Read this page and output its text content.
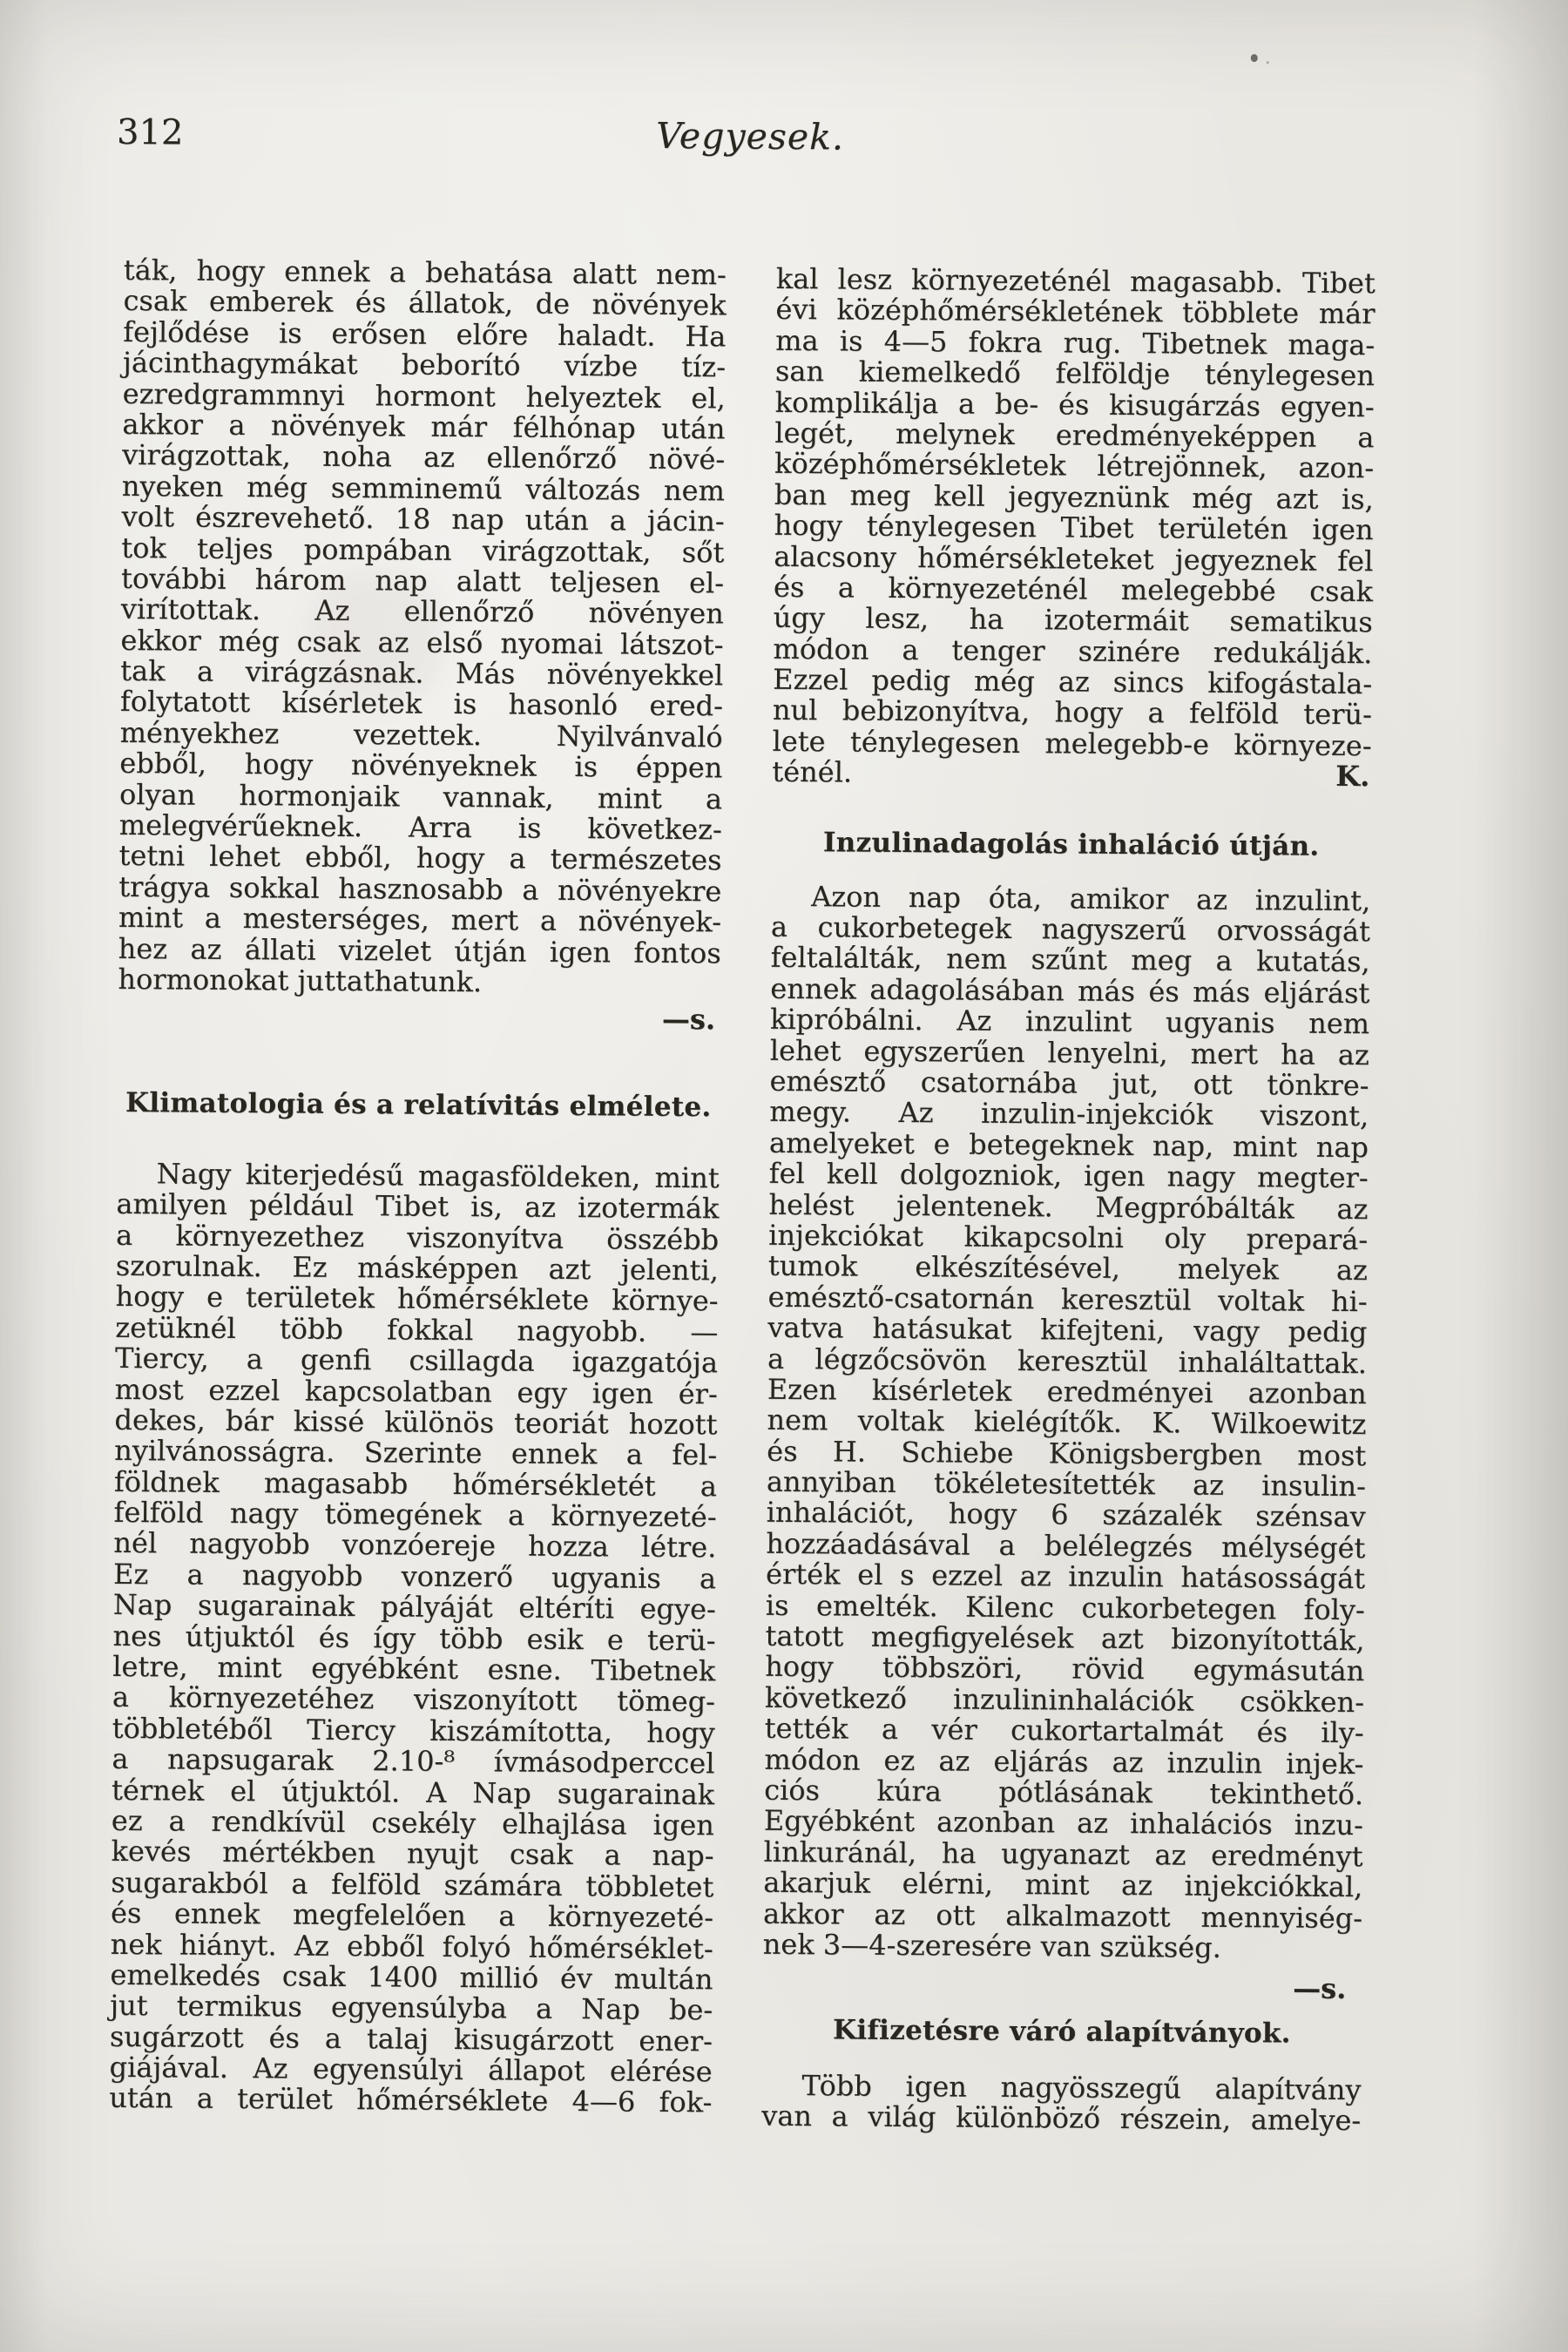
312	Vegyesek.
ták, hogy ennek a behatása alatt nem-
csak emberek és állatok, de növények
fejlődése is erősen előre haladt. Ha
jácinthagymákat beborító vízbe tíz-
ezredgrammnyi hormont helyeztek el,
akkor a növények már félhónap után
virágzottak, noha az ellenőrző növé-
nyeken még semminemű változás nem
volt észrevehető. 18 nap után a jácin-
tok teljes pompában virágzottak, sőt
további három nap alatt teljesen el-
virítottak. Az ellenőrző növényen
ekkor még csak az első nyomai látszot-
tak a virágzásnak. Más növényekkel
folytatott kísérletek is hasonló ered-
ményekhez vezettek. Nyilvánvaló
ebből, hogy növényeknek is éppen
olyan hormonjaik vannak, mint a
melegvérűeknek. Arra is következ-
tetni lehet ebből, hogy a természetes
trágya sokkal hasznosabb a növényekre
mint a mesterséges, mert a növények-
hez az állati vizelet útján igen fontos
hormonokat juttathatunk.
—s.
Klimatologia és a relatívitás elmélete.
Nagy kiterjedésű magasföldeken, mint
amilyen például Tibet is, az izotermák
a környezethez viszonyítva összébb
szorulnak. Ez másképpen azt jelenti,
hogy e területek hőmérséklete környe-
zetüknél több fokkal nagyobb. —
Tiercy, a genfi csillagda igazgatója
most ezzel kapcsolatban egy igen ér-
dekes, bár kissé különös teoriát hozott
nyilvánosságra. Szerinte ennek a fel-
földnek magasabb hőmérsékletét a
felföld nagy tömegének a környezeté-
nél nagyobb vonzóereje hozza létre.
Ez a nagyobb vonzerő ugyanis a
Nap sugarainak pályáját eltéríti egye-
nes útjuktól és így több esik e terü-
letre, mint egyébként esne. Tibetnek
a környezetéhez viszonyított tömeg-
többletéből Tiercy kiszámította, hogy
a napsugarak 2.10-⁸ ívmásodperccel
térnek el útjuktól. A Nap sugarainak
ez a rendkívül csekély elhajlása igen
kevés mértékben nyujt csak a nap-
sugarakból a felföld számára többletet
és ennek megfelelően a környezeté-
nek hiányt. Az ebből folyó hőmérséklet-
emelkedés csak 1400 millió év multán
jut termikus egyensúlyba a Nap be-
sugárzott és a talaj kisugárzott ener-
giájával. Az egyensúlyi állapot elérése
után a terület hőmérséklete 4—6 fok-
kal lesz környezeténél magasabb. Tibet
évi középhőmérsékletének többlete már
ma is 4—5 fokra rug. Tibetnek maga-
san kiemelkedő felföldje ténylegesen
komplikálja a be- és kisugárzás egyen-
legét, melynek eredményeképpen a
középhőmérsékletek létrejönnek, azon-
ban meg kell jegyeznünk még azt is,
hogy ténylegesen Tibet területén igen
alacsony hőmérsékleteket jegyeznek fel
és a környezeténél melegebbé csak
úgy lesz, ha izotermáit sematikus
módon a tenger szinére redukálják.
Ezzel pedig még az sincs kifogástala-
nul bebizonyítva, hogy a felföld terü-
lete ténylegesen melegebb-e környeze-
ténél.	K.
Inzulinadagolás inhaláció útján.
Azon nap óta, amikor az inzulint,
a cukorbetegek nagyszerű orvosságát
feltalálták, nem szűnt meg a kutatás,
ennek adagolásában más és más eljárást
kipróbálni. Az inzulint ugyanis nem
lehet egyszerűen lenyelni, mert ha az
emésztő csatornába jut, ott tönkre-
megy. Az inzulin-injekciók viszont,
amelyeket e betegeknek nap, mint nap
fel kell dolgozniok, igen nagy megter-
helést jelentenek. Megpróbálták az
injekciókat kikapcsolni oly prepará-
tumok elkészítésével, melyek az
emésztő-csatornán keresztül voltak hi-
vatva hatásukat kifejteni, vagy pedig
a légzőcsövön keresztül inhaláltattak.
Ezen kísérletek eredményei azonban
nem voltak kielégítők. K. Wilkoewitz
és H. Schiebe Königsbergben most
annyiban tökéletesítették az insulin-
inhalációt, hogy 6 százalék szénsav
hozzáadásával a belélegzés mélységét
érték el s ezzel az inzulin hatásosságát
is emelték. Kilenc cukorbetegen foly-
tatott megfigyelések azt bizonyították,
hogy többszöri, rövid egymásután
következő inzulininhalációk csökken-
tették a vér cukortartalmát és ily-
módon ez az eljárás az inzulin injek-
ciós kúra pótlásának tekinthető.
Egyébként azonban az inhalációs inzu-
linkuránál, ha ugyanazt az eredményt
akarjuk elérni, mint az injekciókkal,
akkor az ott alkalmazott mennyiség-
nek 3—4-szeresére van szükség.
—s.
Kifizetésre váró alapítványok.
Több igen nagyösszegű alapítvány
van a világ különböző részein, amelye-
